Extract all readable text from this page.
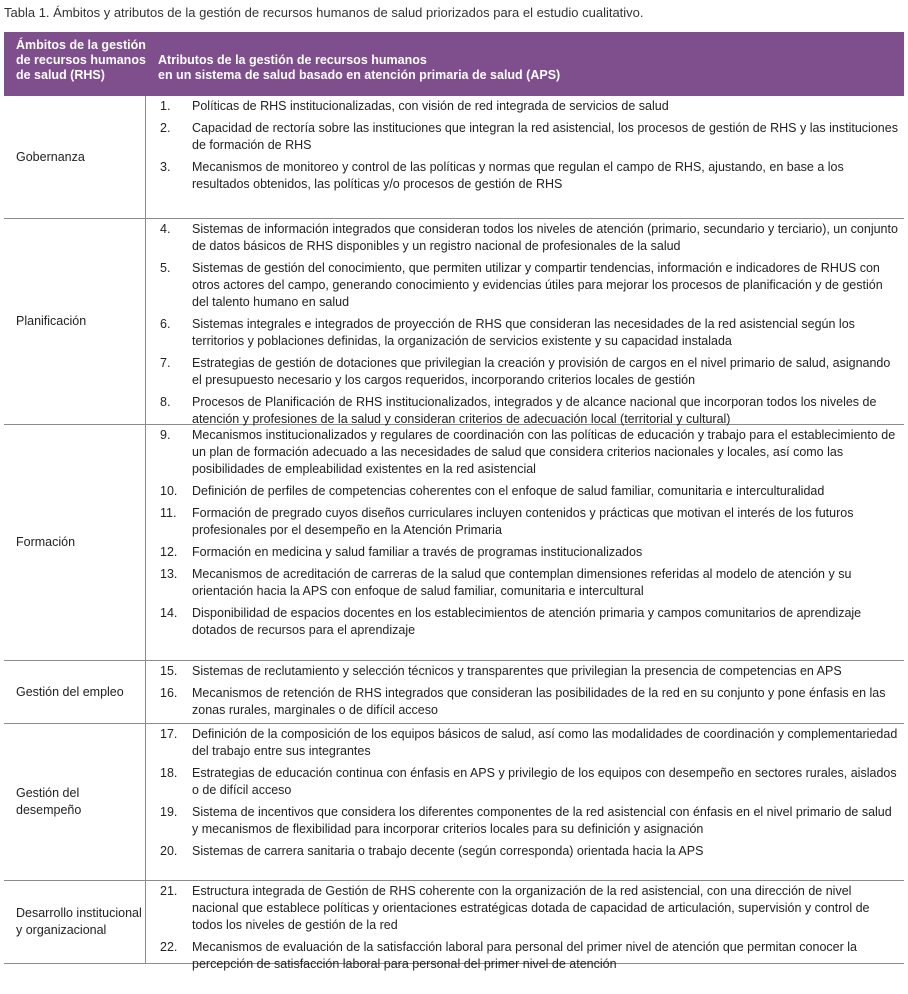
Tabla 1. Ámbitos y atributos de la gestión de recursos humanos de salud priorizados para el estudio cualitativo.
Ámbitos de la gestión de recursos humanos de salud (RHS)
Atributos de la gestión de recursos humanos
en un sistema de salud basado en atención primaria de salud (APS)
Gobernanza
1.	Políticas de RHS institucionalizadas, con visión de red integrada de servicios de salud
2.	Capacidad de rectoría sobre las instituciones que integran la red asistencial, los procesos de gestión de RHS y las instituciones de formación de RHS
3.	Mecanismos de monitoreo y control de las políticas y normas que regulan el campo de RHS, ajustando, en base a los resultados obtenidos, las políticas y/o procesos de gestión de RHS
Planificación
4.	Sistemas de información integrados que consideran todos los niveles de atención (primario, secundario y terciario), un conjunto de datos básicos de RHS disponibles y un registro nacional de profesionales de la salud
5.	Sistemas de gestión del conocimiento, que permiten utilizar y compartir tendencias, información e indicadores de RHUS con otros actores del campo, generando conocimiento y evidencias útiles para mejorar los procesos de planificación y de gestión del talento humano en salud
6.	Sistemas integrales e integrados de proyección de RHS que consideran las necesidades de la red asistencial según los territorios y poblaciones definidas, la organización de servicios existente y su capacidad instalada
7.	Estrategias de gestión de dotaciones que privilegian la creación y provisión de cargos en el nivel primario de salud, asignando el presupuesto necesario y los cargos requeridos, incorporando criterios locales de gestión
8.	Procesos de Planificación de RHS institucionalizados, integrados y de alcance nacional que incorporan todos los niveles de atención y profesiones de la salud y consideran criterios de adecuación local (territorial y cultural)
Formación
9.	Mecanismos institucionalizados y regulares de coordinación con las políticas de educación y trabajo para el establecimiento de un plan de formación adecuado a las necesidades de salud que considera criterios nacionales y locales, así como las posibilidades de empleabilidad existentes en la red asistencial
10.	Definición de perfiles de competencias coherentes con el enfoque de salud familiar, comunitaria e interculturalidad
11.	Formación de pregrado cuyos diseños curriculares incluyen contenidos y prácticas que motivan el interés de los futuros profesionales por el desempeño en la Atención Primaria
12.	Formación en medicina y salud familiar a través de programas institucionalizados
13.	Mecanismos de acreditación de carreras de la salud que contemplan dimensiones referidas al modelo de atención y su orientación hacia la APS con enfoque de salud familiar, comunitaria e intercultural
14.	Disponibilidad de espacios docentes en los establecimientos de atención primaria y campos comunitarios de aprendizaje dotados de recursos para el aprendizaje
Gestión del empleo
15.	Sistemas de reclutamiento y selección técnicos y transparentes que privilegian la presencia de competencias en APS
16.	Mecanismos de retención de RHS integrados que consideran las posibilidades de la red en su conjunto y pone énfasis en las zonas rurales, marginales o de difícil acceso
Gestión del desempeño
17.	Definición de la composición de los equipos básicos de salud, así como las modalidades de coordinación y complementariedad del trabajo entre sus integrantes
18.	Estrategias de educación continua con énfasis en APS y privilegio de los equipos con desempeño en sectores rurales, aislados o de difícil acceso
19.	Sistema de incentivos que considera los diferentes componentes de la red asistencial con énfasis en el nivel primario de salud y mecanismos de flexibilidad para incorporar criterios locales para su definición y asignación
20.	Sistemas de carrera sanitaria o trabajo decente (según corresponda) orientada hacia la APS
Desarrollo institucional y organizacional
21.	Estructura integrada de Gestión de RHS coherente con la organización de la red asistencial, con una dirección de nivel nacional que establece políticas y orientaciones estratégicas dotada de capacidad de articulación, supervisión y control de todos los niveles de gestión de la red
22.	Mecanismos de evaluación de la satisfacción laboral para personal del primer nivel de atención que permitan conocer la percepción de satisfacción laboral para personal del primer nivel de atención
